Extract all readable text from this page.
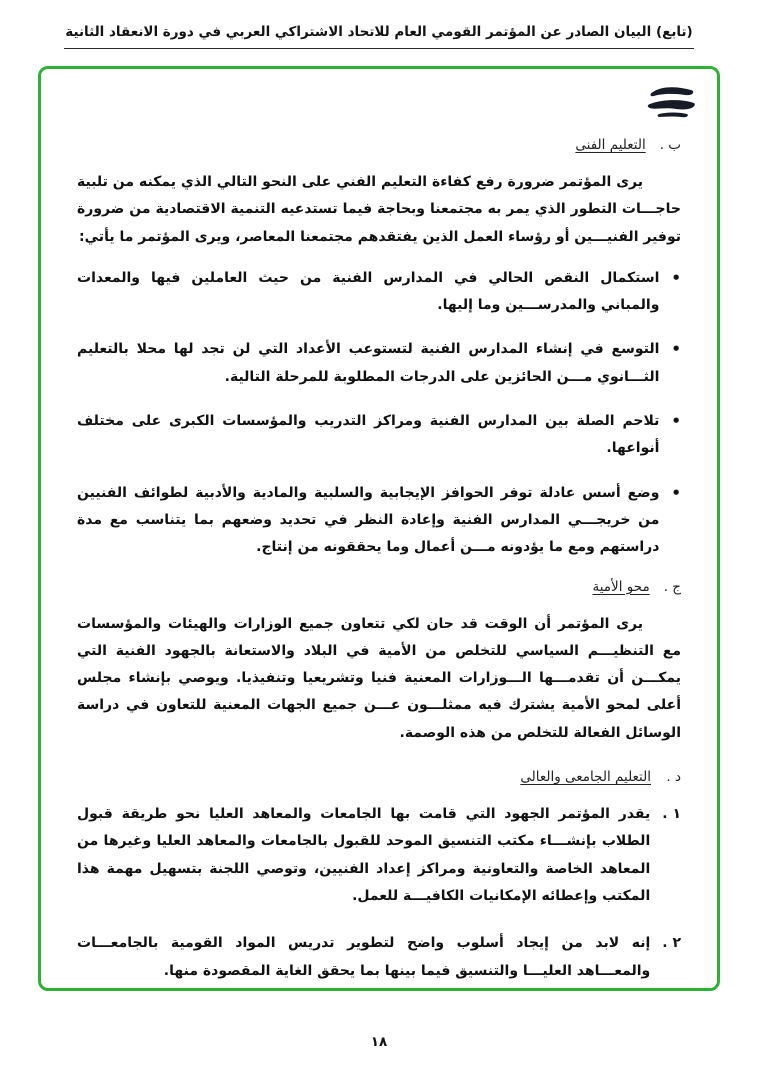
(تابع) البيان الصادر عن المؤتمر القومي العام للاتحاد الاشتراكي العربي في دورة الانعقاد الثانية
ب .
التعليم الفنى

يرى المؤتمر ضرورة رفع كفاءة التعليم الفني على النحو التالي الذي يمكنه من تلبية حاجـــات التطور الذي يمر به مجتمعنا وبحاجة فيما تستدعيه التنمية الاقتصادية من ضرورة توفير الفنيـــين أو رؤساء العمل الذين يفتقدهم مجتمعنا المعاصر، ويرى المؤتمر ما يأتي:

•
استكمال النقص الحالي في المدارس الفنية من حيث العاملين فيها والمعدات والمباني والمدرســـين وما إليها.
•
التوسع في إنشاء المدارس الفنية لتستوعب الأعداد التي لن تجد لها محلا بالتعليم الثـــانوي مـــن الحائزين على الدرجات المطلوبة للمرحلة التالية.
•
تلاحم الصلة بين المدارس الفنية ومراكز التدريب والمؤسسات الكبرى على مختلف أنواعها.
•
وضع أسس عادلة توفر الحوافز الإيجابية والسلبية والمادية والأدبية لطوائف الفنيين من خريجـــي المدارس الفنية وإعادة النظر في تحديد وضعهم بما يتناسب مع مدة دراستهم ومع ما يؤدونه مـــن أعمال وما يحققونه من إنتاج.
ج .
محو الأمية

يرى المؤتمر أن الوقت قد حان لكي تتعاون جميع الوزارات والهيئات والمؤسسات مع التنظيـــم السياسي للتخلص من الأمية في البلاد والاستعانة بالجهود الفنية التي يمكـــن أن تقدمـــها الـــوزارات المعنية فنيا وتشريعيا وتنفيذيا. ويوصي بإنشاء مجلس أعلى لمحو الأمية يشترك فيه ممثلـــون عـــن جميع الجهات المعنية للتعاون في دراسة الوسائل الفعالة للتخلص من هذه الوصمة.

د .
التعليم الجامعى والعالى
١ .
يقدر المؤتمر الجهود التي قامت بها الجامعات والمعاهد العليا نحو طريقة قبول الطلاب بإنشـــاء مكتب التنسيق الموحد للقبول بالجامعات والمعاهد العليا وغيرها من المعاهد الخاصة والتعاونية ومراكز إعداد الفنيين، وتوصي اللجنة بتسهيل مهمة هذا المكتب وإعطائه الإمكانيات الكافيـــة للعمل.
٢ .
إنه لابد من إيجاد أسلوب واضح لتطوير تدريس المواد القومية بالجامعـــات والمعـــاهد العليـــا والتنسيق فيما بينها بما يحقق الغاية المقصودة منها.
١٨
